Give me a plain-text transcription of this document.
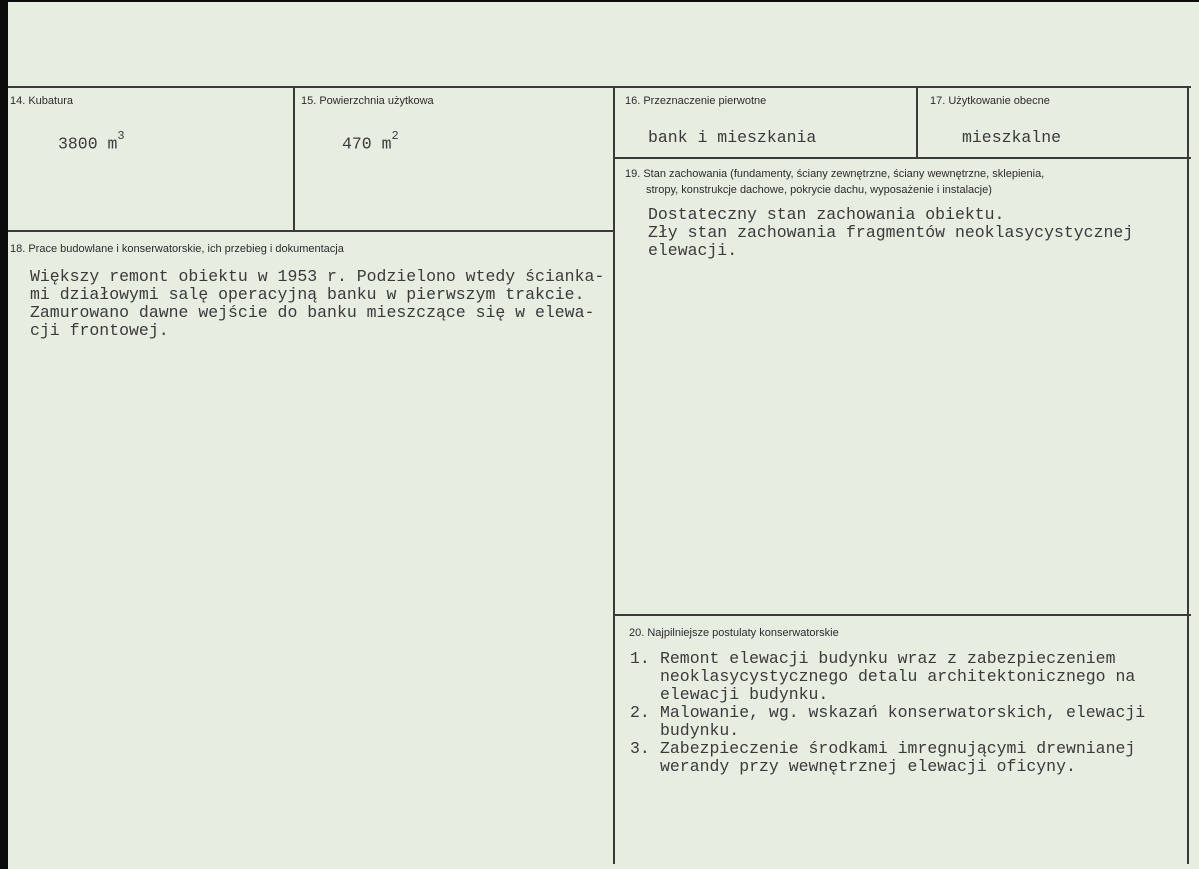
14. Kubatura
3800 $m^3$
15. Powierzchnia użytkowa
470 $m^2$
16. Przeznaczenie pierwotne
bank i mieszkania
17. Użytkowanie obecne
mieszkalne
18. Prace budowlane i konserwatorskie, ich przebieg i dokumentacja
Większy remont obiektu w 1953 r. Podzielono wtedy ścianka-
mi działowymi salę operacyjną banku w pierwszym trakcie.
Zamurowano dawne wejście do banku mieszczące się w elewa-
cji frontowej.
19. Stan zachowania (fundamenty, ściany zewnętrzne, ściany wewnętrzne, sklepienia,
stropy, konstrukcje dachowe, pokrycie dachu, wyposażenie i instalacje)
Dostateczny stan zachowania obiektu.
Zły stan zachowania fragmentów neoklasycystycznej
elewacji.
20. Najpilniejsze postulaty konserwatorskie
1. Remont elewacji budynku wraz z zabezpieczeniem
neoklasycystycznego detalu architektonicznego na
elewacji budynku.
2. Malowanie, wg. wskazań konserwatorskich, elewacji
budynku.
3. Zabezpieczenie środkami imregnującymi drewnianej
werandy przy wewnętrznej elewacji oficyny.
